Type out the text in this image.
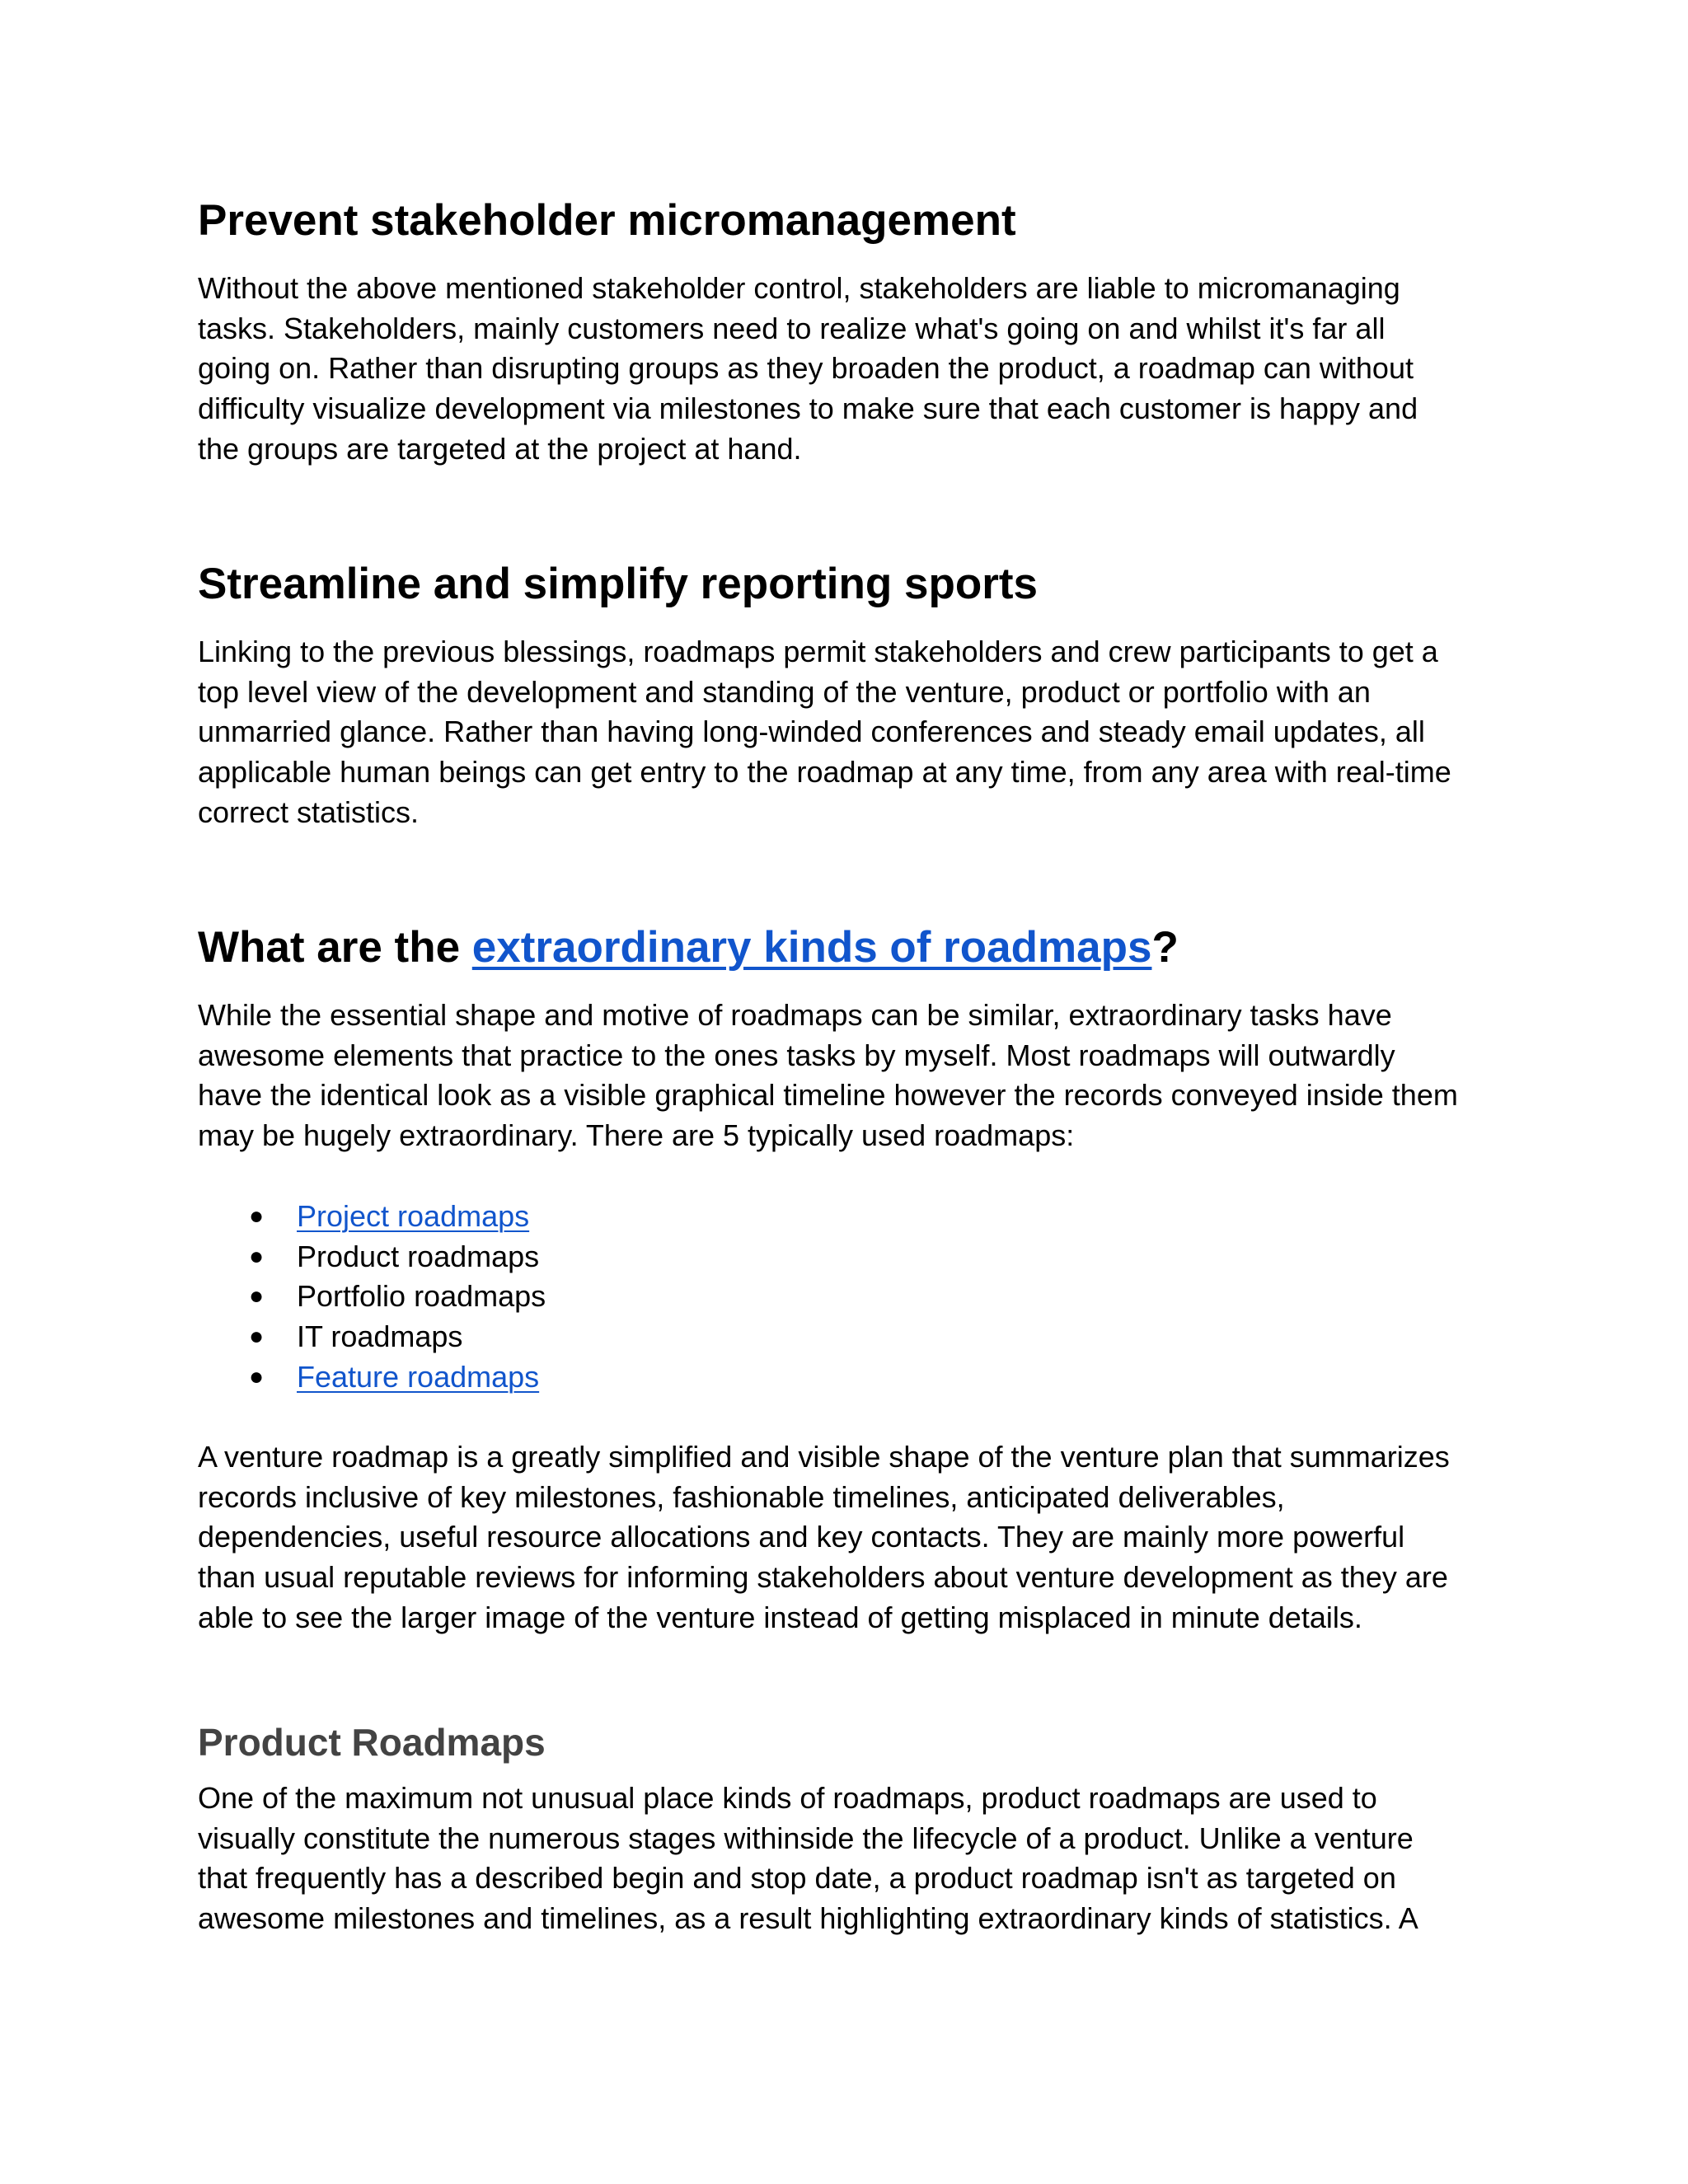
Prevent stakeholder micromanagement
Without the above mentioned stakeholder control, stakeholders are liable to micromanaging
tasks. Stakeholders, mainly customers need to realize what's going on and whilst it's far all
going on. Rather than disrupting groups as they broaden the product, a roadmap can without
difficulty visualize development via milestones to make sure that each customer is happy and
the groups are targeted at the project at hand.
Streamline and simplify reporting sports
Linking to the previous blessings, roadmaps permit stakeholders and crew participants to get a
top level view of the development and standing of the venture, product or portfolio with an
unmarried glance. Rather than having long-winded conferences and steady email updates, all
applicable human beings can get entry to the roadmap at any time, from any area with real-time
correct statistics.
What are the extraordinary kinds of roadmaps?
While the essential shape and motive of roadmaps can be similar, extraordinary tasks have
awesome elements that practice to the ones tasks by myself. Most roadmaps will outwardly
have the identical look as a visible graphical timeline however the records conveyed inside them
may be hugely extraordinary. There are 5 typically used roadmaps:
● Project roadmaps
● Product roadmaps
● Portfolio roadmaps
● IT roadmaps
● Feature roadmaps
A venture roadmap is a greatly simplified and visible shape of the venture plan that summarizes
records inclusive of key milestones, fashionable timelines, anticipated deliverables,
dependencies, useful resource allocations and key contacts. They are mainly more powerful
than usual reputable reviews for informing stakeholders about venture development as they are
able to see the larger image of the venture instead of getting misplaced in minute details.
Product Roadmaps
One of the maximum not unusual place kinds of roadmaps, product roadmaps are used to
visually constitute the numerous stages withinside the lifecycle of a product. Unlike a venture
that frequently has a described begin and stop date, a product roadmap isn't as targeted on
awesome milestones and timelines, as a result highlighting extraordinary kinds of statistics. A
